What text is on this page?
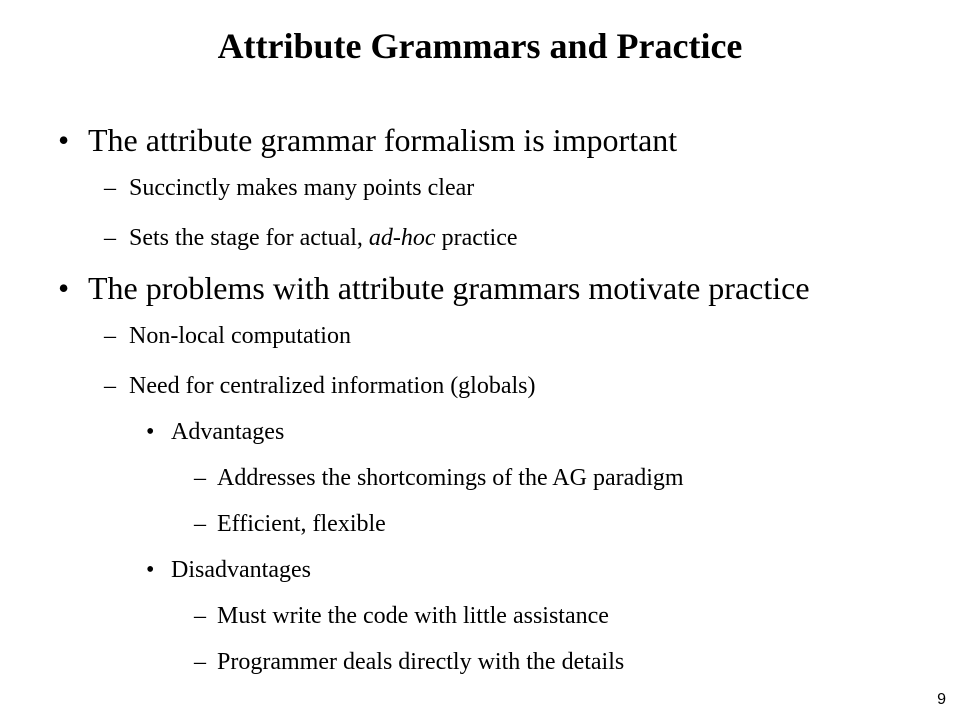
Attribute Grammars and Practice
• The attribute grammar formalism is important
– Succinctly makes many points clear
– Sets the stage for actual, ad-hoc practice
• The problems with attribute grammars motivate practice
– Non-local computation
– Need for centralized information (globals)
• Advantages
– Addresses the shortcomings of the AG paradigm
– Efficient, flexible
• Disadvantages
– Must write the code with little assistance
– Programmer deals directly with the details
9
